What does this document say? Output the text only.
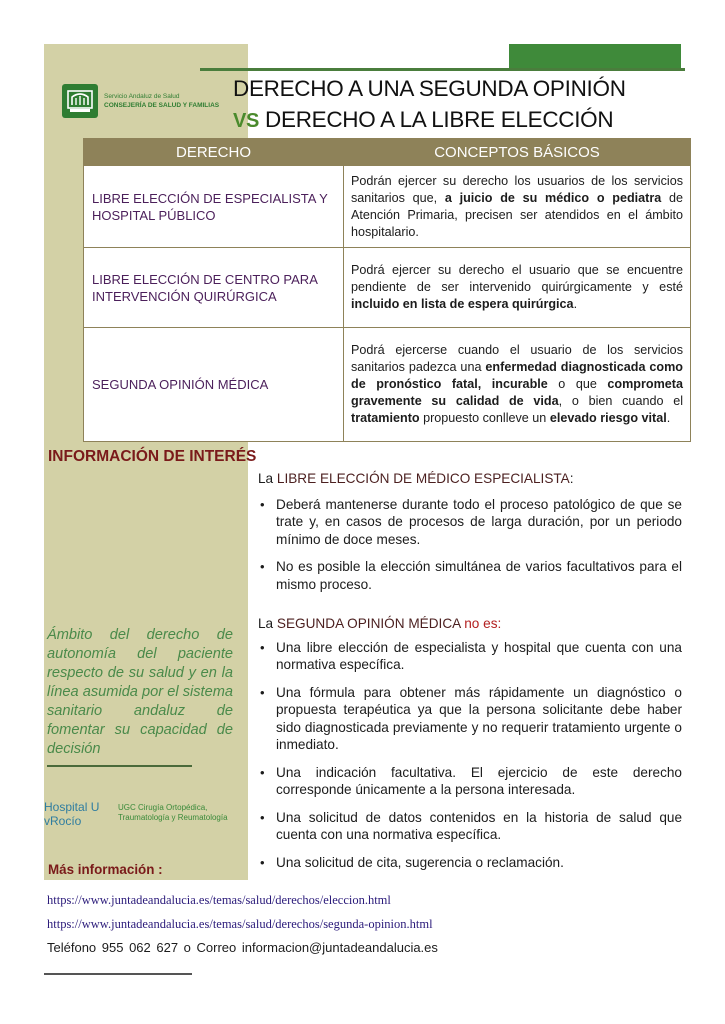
Servicio Andaluz de Salud
CONSEJERÍA DE SALUD Y FAMILIAS
DERECHO A UNA SEGUNDA OPINIÓN
VS DERECHO A LA LIBRE ELECCIÓN
DERECHO	CONCEPTOS BÁSICOS
LIBRE ELECCIÓN DE ESPECIALISTA Y HOSPITAL PÚBLICO	Podrán ejercer su derecho los usuarios de los servicios sanitarios que, a juicio de su médico o pediatra de Atención Primaria, precisen ser atendidos en el ámbito hospitalario.
LIBRE ELECCIÓN DE CENTRO PARA INTERVENCIÓN QUIRÚRGICA	Podrá ejercer su derecho el usuario que se encuentre pendiente de ser intervenido quirúrgicamente y esté incluido en lista de espera quirúrgica.
SEGUNDA OPINIÓN MÉDICA	Podrá ejercerse cuando el usuario de los servicios sanitarios padezca una enfermedad diagnosticada como de pronóstico fatal, incurable o que comprometa gravemente su calidad de vida, o bien cuando el tratamiento propuesto conlleve un elevado riesgo vital.
INFORMACIÓN DE INTERÉS
La LIBRE ELECCIÓN DE MÉDICO ESPECIALISTA:
• Deberá mantenerse durante todo el proceso patológico de que se trate y, en casos de procesos de larga duración, por un periodo mínimo de doce meses.
• No es posible la elección simultánea de varios facultativos para el mismo proceso.
La SEGUNDA OPINIÓN MÉDICA no es:
• Una libre elección de especialista y hospital que cuenta con una normativa específica.
• Una fórmula para obtener más rápidamente un diagnóstico o propuesta terapéutica ya que la persona solicitante debe haber sido diagnosticada previamente y no requerir tratamiento urgente o inmediato.
• Una indicación facultativa. El ejercicio de este derecho corresponde únicamente a la persona interesada.
• Una solicitud de datos contenidos en la historia de salud que cuenta con una normativa específica.
• Una solicitud de cita, sugerencia o reclamación.
Ámbito del derecho de autonomía del paciente respecto de su salud y en la línea asumida por el sistema sanitario andaluz de fomentar su capacidad de decisión
Hospital U
vRocío
UGC Cirugía Ortopédica,
Traumatología y Reumatología
Más información :
https://www.juntadeandalucia.es/temas/salud/derechos/eleccion.html
https://www.juntadeandalucia.es/temas/salud/derechos/segunda-opinion.html
Teléfono 955 062 627 o Correo informacion@juntadeandalucia.es
